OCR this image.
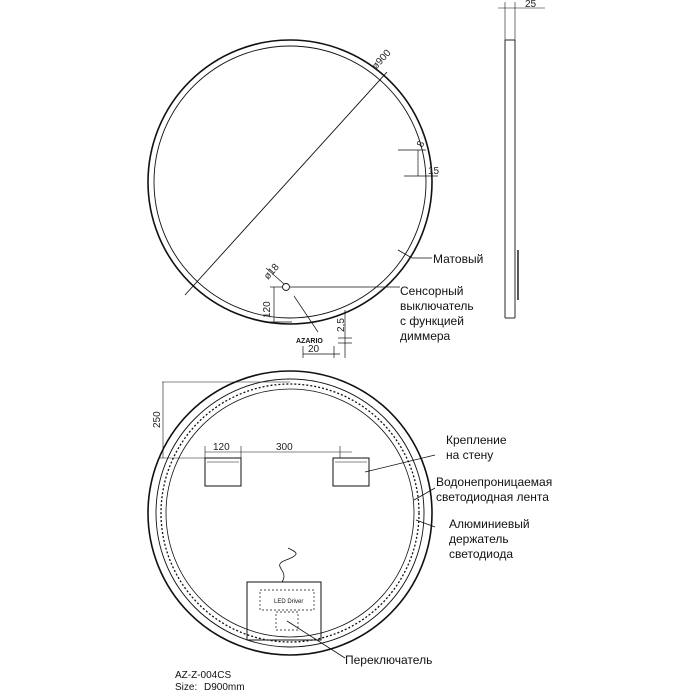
ø900
8
15
ø18
120
20
2,5
AZARIO
25
250
120	300
LED Driver
Матовый
Сенсорный
выключатель
с функцией
диммера
Крепление
на стену
Водонепроницаемая
светодиодная лента
Алюминиевый
держатель
светодиода
Переключатель
AZ-Z-004CS
Size: D900mm
